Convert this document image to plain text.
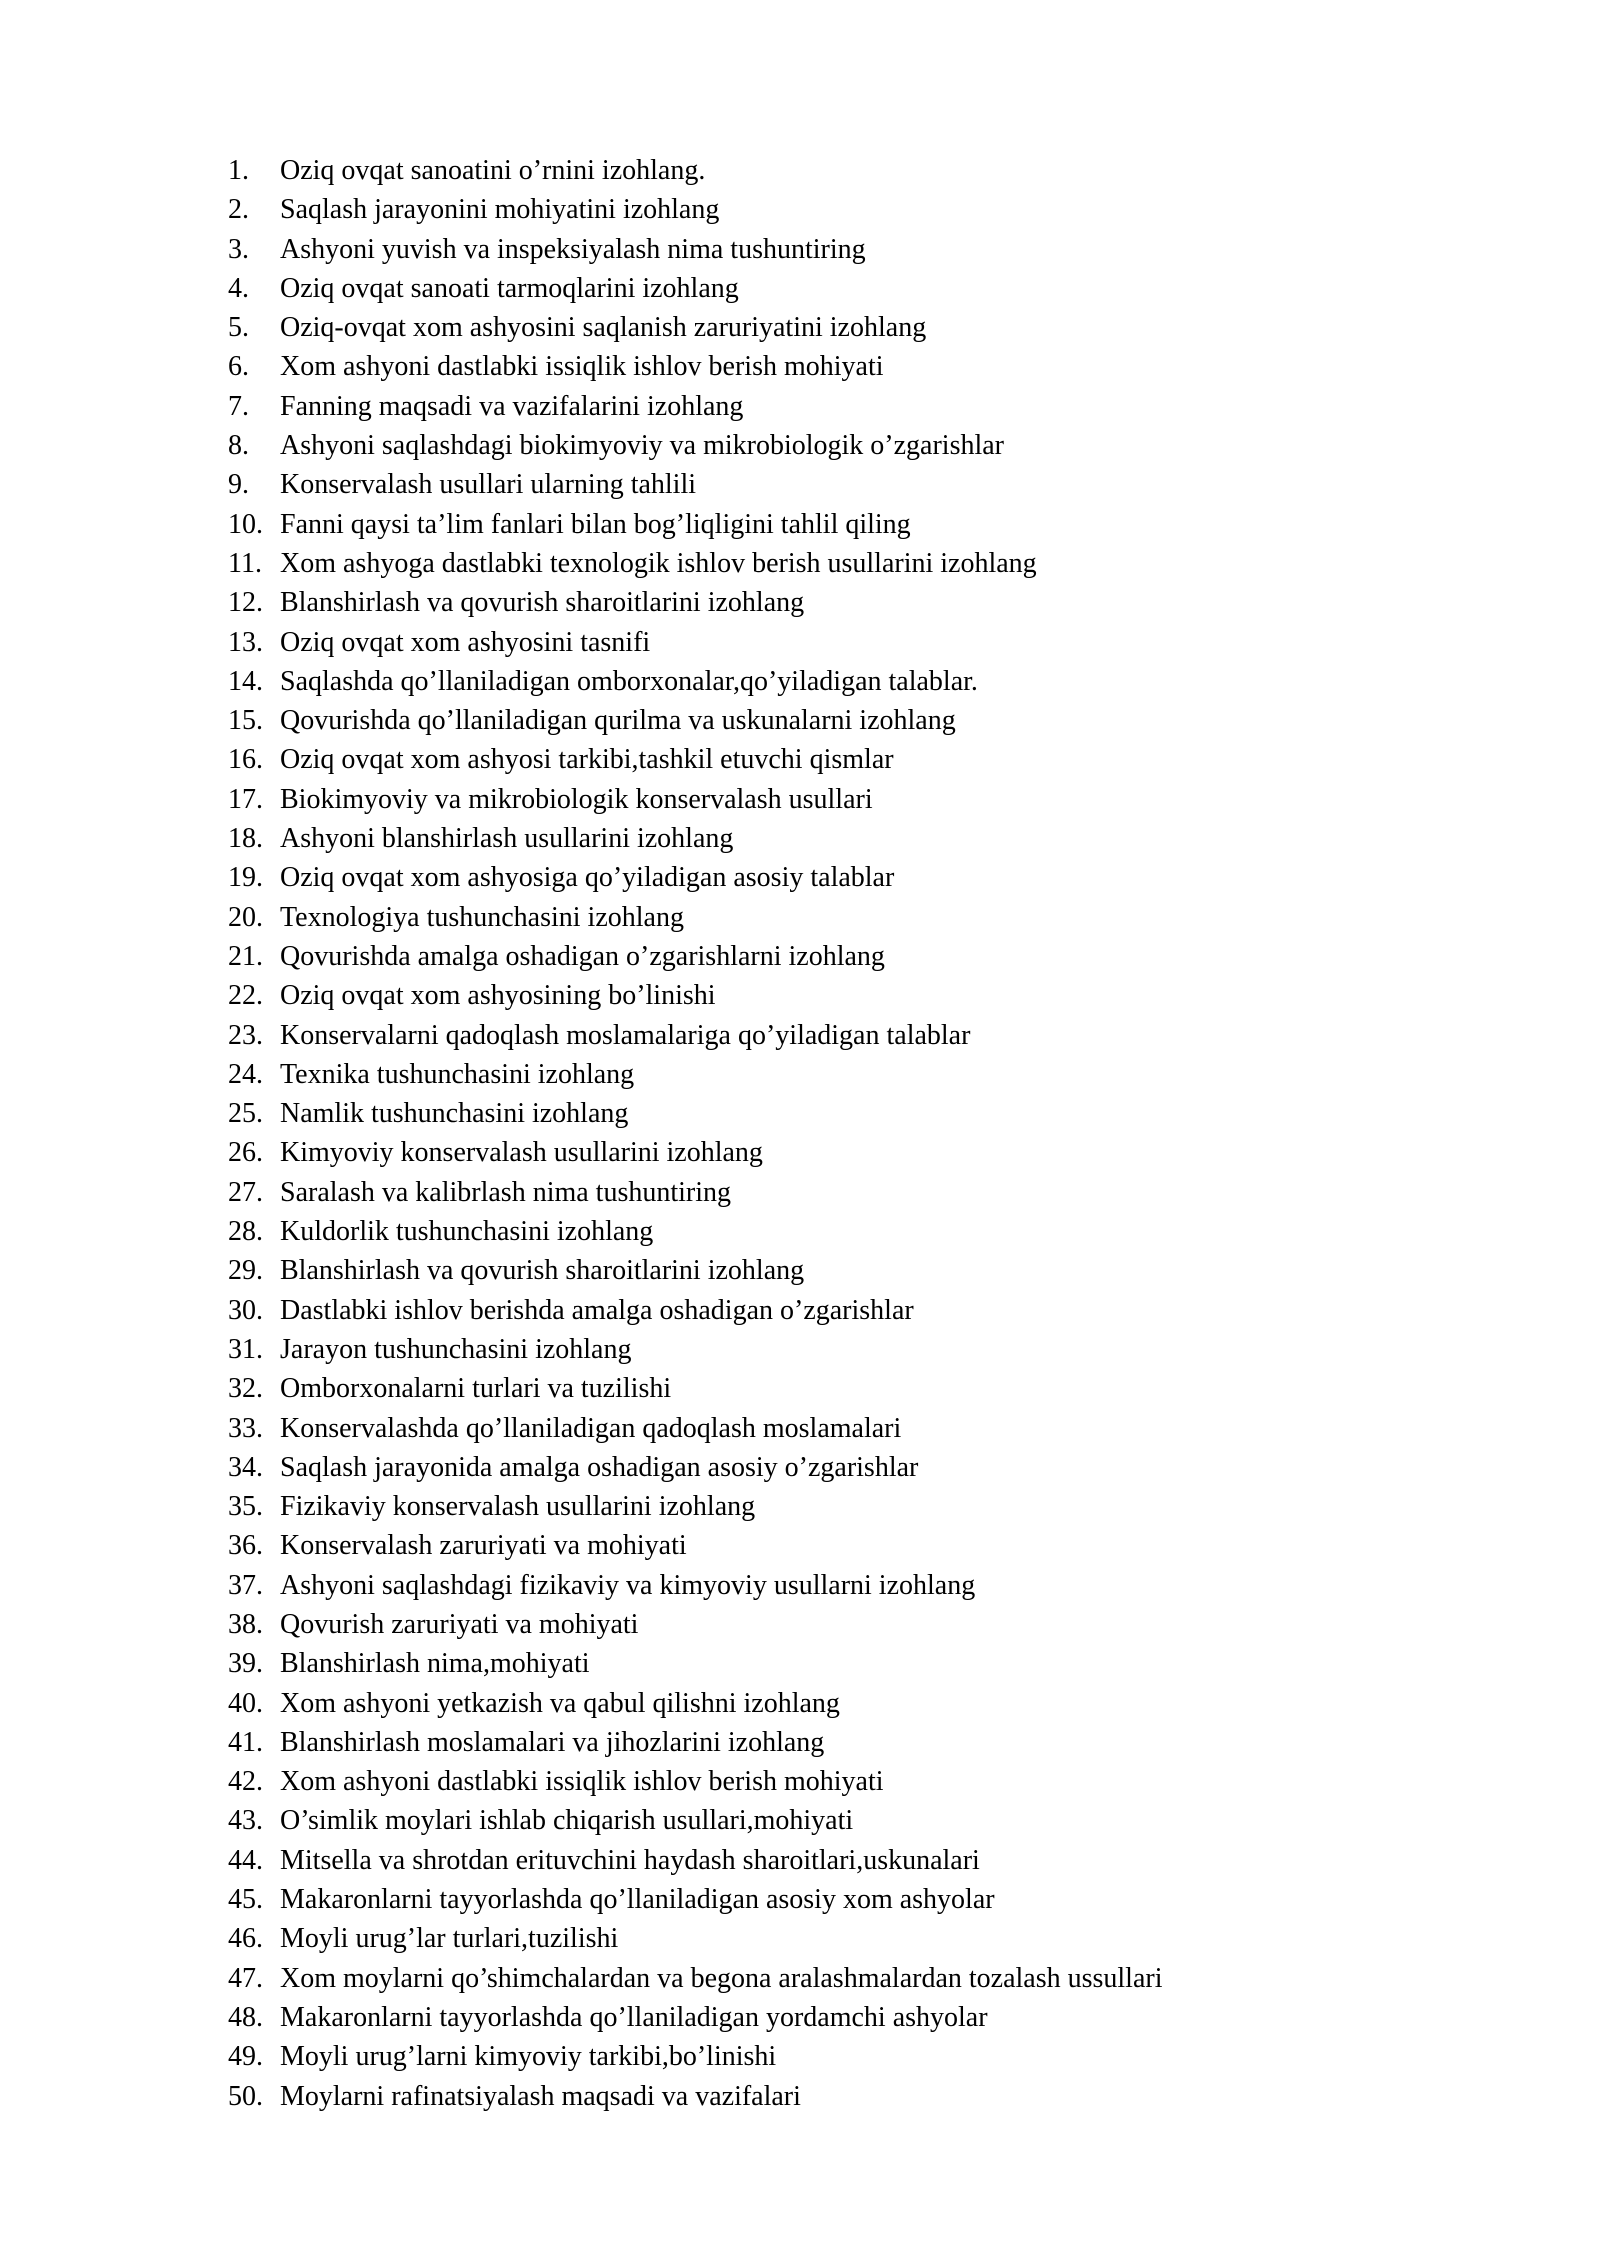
1.	Oziq ovqat sanoatini o’rnini izohlang.
2.	Saqlash jarayonini mohiyatini izohlang
3.	Ashyoni yuvish va inspeksiyalash nima tushuntiring
4.	Oziq ovqat sanoati tarmoqlarini izohlang
5.	Oziq-ovqat xom ashyosini saqlanish zaruriyatini izohlang
6.	Xom ashyoni dastlabki issiqlik ishlov berish mohiyati
7.	Fanning maqsadi va vazifalarini izohlang
8.	Ashyoni saqlashdagi biokimyoviy va mikrobiologik o’zgarishlar
9.	Konservalash usullari ularning tahlili
10. Fanni qaysi ta’lim fanlari bilan bog’liqligini tahlil qiling
11. Xom ashyoga dastlabki texnologik ishlov berish usullarini izohlang
12. Blanshirlash va qovurish sharoitlarini izohlang
13. Oziq ovqat xom ashyosini tasnifi
14. Saqlashda qo’llaniladigan omborxonalar,qo’yiladigan talablar.
15. Qovurishda qo’llaniladigan qurilma va uskunalarni izohlang
16. Oziq ovqat xom ashyosi tarkibi,tashkil etuvchi qismlar
17. Biokimyoviy va mikrobiologik konservalash usullari
18. Ashyoni blanshirlash usullarini izohlang
19. Oziq ovqat xom ashyosiga qo’yiladigan asosiy talablar
20. Texnologiya tushunchasini izohlang
21. Qovurishda amalga oshadigan o’zgarishlarni izohlang
22. Oziq ovqat xom ashyosining bo’linishi
23. Konservalarni qadoqlash moslamalariga qo’yiladigan talablar
24. Texnika tushunchasini izohlang
25. Namlik tushunchasini izohlang
26. Kimyoviy konservalash usullarini izohlang
27. Saralash va kalibrlash nima tushuntiring
28. Kuldorlik tushunchasini izohlang
29. Blanshirlash va qovurish sharoitlarini izohlang
30. Dastlabki ishlov berishda amalga oshadigan o’zgarishlar
31. Jarayon tushunchasini izohlang
32. Omborxonalarni turlari va tuzilishi
33. Konservalashda qo’llaniladigan qadoqlash moslamalari
34. Saqlash jarayonida amalga oshadigan asosiy o’zgarishlar
35. Fizikaviy konservalash usullarini izohlang
36. Konservalash zaruriyati va mohiyati
37. Ashyoni saqlashdagi fizikaviy va kimyoviy usullarni izohlang
38. Qovurish zaruriyati va mohiyati
39. Blanshirlash nima,mohiyati
40. Xom ashyoni yetkazish va qabul qilishni izohlang
41. Blanshirlash moslamalari va jihozlarini izohlang
42. Xom ashyoni dastlabki issiqlik ishlov berish mohiyati
43. O’simlik moylari ishlab chiqarish usullari,mohiyati
44. Mitsella va shrotdan erituvchini haydash sharoitlari,uskunalari
45. Makaronlarni tayyorlashda qo’llaniladigan asosiy xom ashyolar
46. Moyli urug’lar turlari,tuzilishi
47. Xom moylarni qo’shimchalardan va begona aralashmalardan tozalash ussullari
48. Makaronlarni tayyorlashda qo’llaniladigan yordamchi ashyolar
49. Moyli urug’larni kimyoviy tarkibi,bo’linishi
50. Moylarni rafinatsiyalash maqsadi va vazifalari
